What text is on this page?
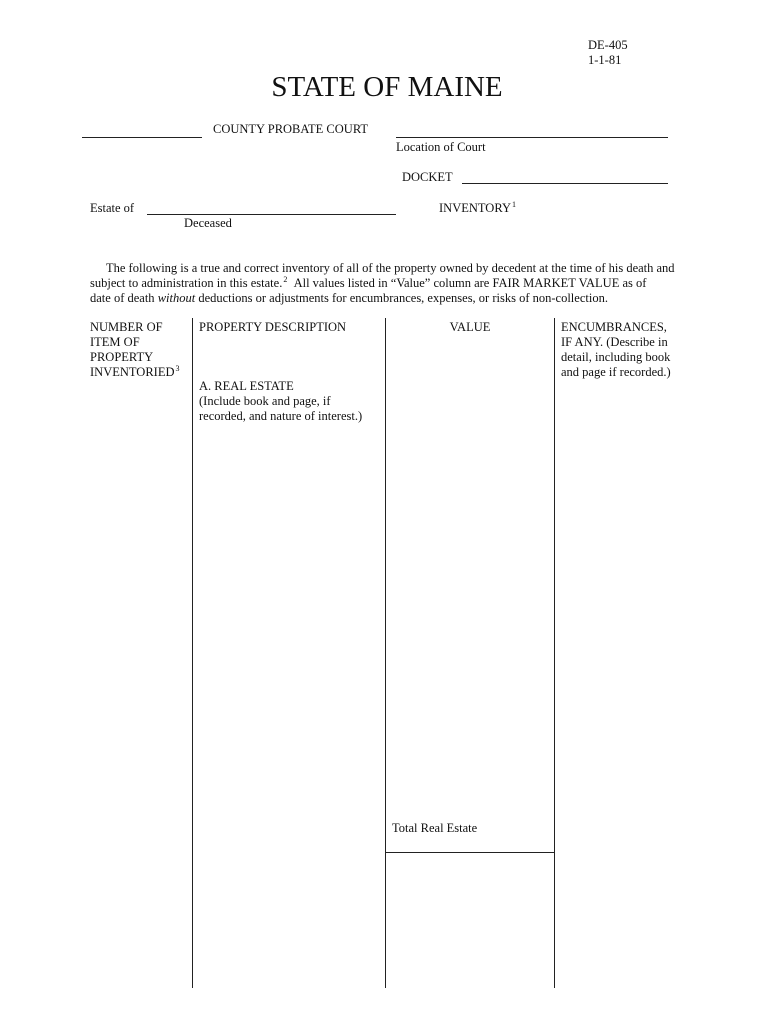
DE-405
1-1-81
STATE OF MAINE
COUNTY PROBATE COURT
Location of Court
DOCKET
Estate of
Deceased
INVENTORY$^1$
The following is a true and correct inventory of all of the property owned by decedent at the time of his death and
subject to administration in this estate.$^2$ All values listed in “Value” column are FAIR MARKET VALUE as of
date of death without deductions or adjustments for encumbrances, expenses, or risks of non-collection.
NUMBER OF
ITEM OF
PROPERTY
INVENTORIED$^3$
PROPERTY DESCRIPTION	VALUE	ENCUMBRANCES,
IF ANY. (Describe in
detail, including book
and page if recorded.)
A. REAL ESTATE
(Include book and page, if
recorded, and nature of interest.)
Total Real Estate
